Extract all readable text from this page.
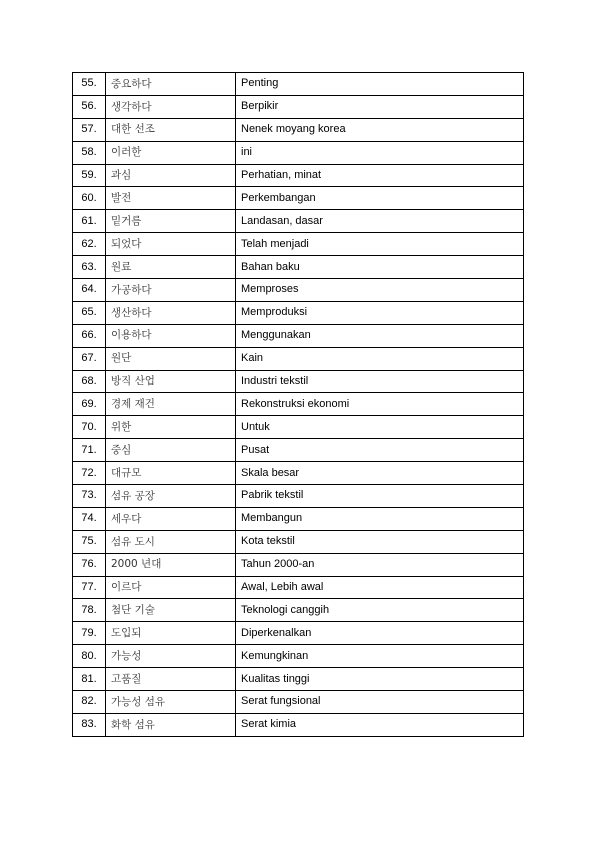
55.	중요하다	Penting
56.	생각하다	Berpikir
57.	대한 선조	Nenek moyang korea
58.	이러한	ini
59.	과심	Perhatian, minat
60.	발전	Perkembangan
61.	밑거름	Landasan, dasar
62.	되었다	Telah menjadi
63.	원료	Bahan baku
64.	가공하다	Memproses
65.	생산하다	Memproduksi
66.	이용하다	Menggunakan
67.	원단	Kain
68.	방직 산업	Industri tekstil
69.	경제 재건	Rekonstruksi ekonomi
70.	위한	Untuk
71.	중심	Pusat
72.	대규모	Skala besar
73.	섬유 공장	Pabrik tekstil
74.	세우다	Membangun
75.	섬유 도시	Kota tekstil
76.	2000 년대	Tahun 2000-an
77.	이르다	Awal, Lebih awal
78.	첨단 기술	Teknologi canggih
79.	도입되	Diperkenalkan
80.	가능성	Kemungkinan
81.	고품질	Kualitas tinggi
82.	가능성 섬유	Serat fungsional
83.	화학 섬유	Serat kimia
